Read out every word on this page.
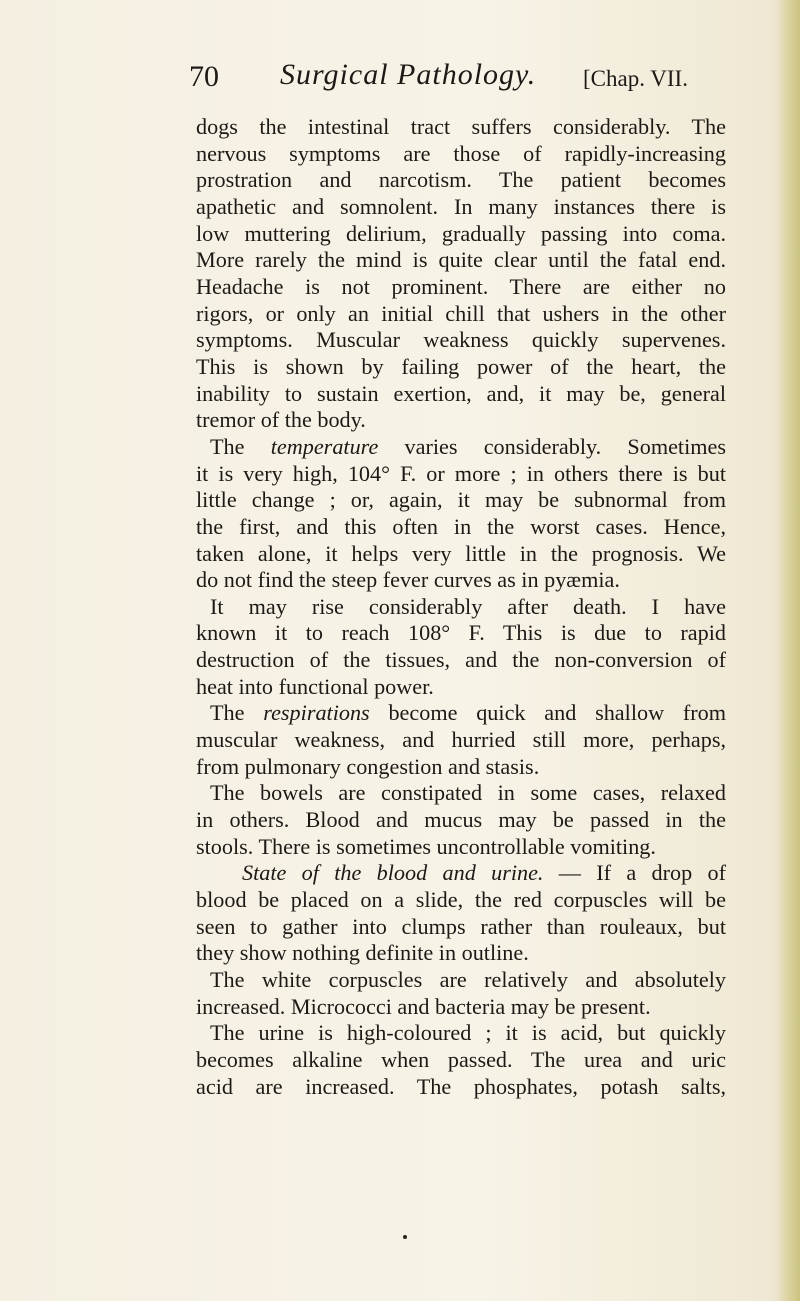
70 Surgical Pathology. [Chap. VII.
dogs the intestinal tract suffers considerably. The
nervous symptoms are those of rapidly-increasing
prostration and narcotism. The patient becomes
apathetic and somnolent. In many instances there is
low muttering delirium, gradually passing into coma.
More rarely the mind is quite clear until the fatal end.
Headache is not prominent. There are either no
rigors, or only an initial chill that ushers in the other
symptoms. Muscular weakness quickly supervenes.
This is shown by failing power of the heart, the
inability to sustain exertion, and, it may be, general
tremor of the body.
The temperature varies considerably. Sometimes
it is very high, 104° F. or more ; in others there is but
little change ; or, again, it may be subnormal from
the first, and this often in the worst cases. Hence,
taken alone, it helps very little in the prognosis. We
do not find the steep fever curves as in pyæmia.
It may rise considerably after death. I have
known it to reach 108° F. This is due to rapid
destruction of the tissues, and the non-conversion of
heat into functional power.
The respirations become quick and shallow from
muscular weakness, and hurried still more, perhaps,
from pulmonary congestion and stasis.
The bowels are constipated in some cases, relaxed
in others. Blood and mucus may be passed in the
stools. There is sometimes uncontrollable vomiting.
State of the blood and urine. — If a drop of
blood be placed on a slide, the red corpuscles will be
seen to gather into clumps rather than rouleaux, but
they show nothing definite in outline.
The white corpuscles are relatively and absolutely
increased. Micrococci and bacteria may be present.
The urine is high-coloured ; it is acid, but quickly
becomes alkaline when passed. The urea and uric
acid are increased. The phosphates, potash salts,
